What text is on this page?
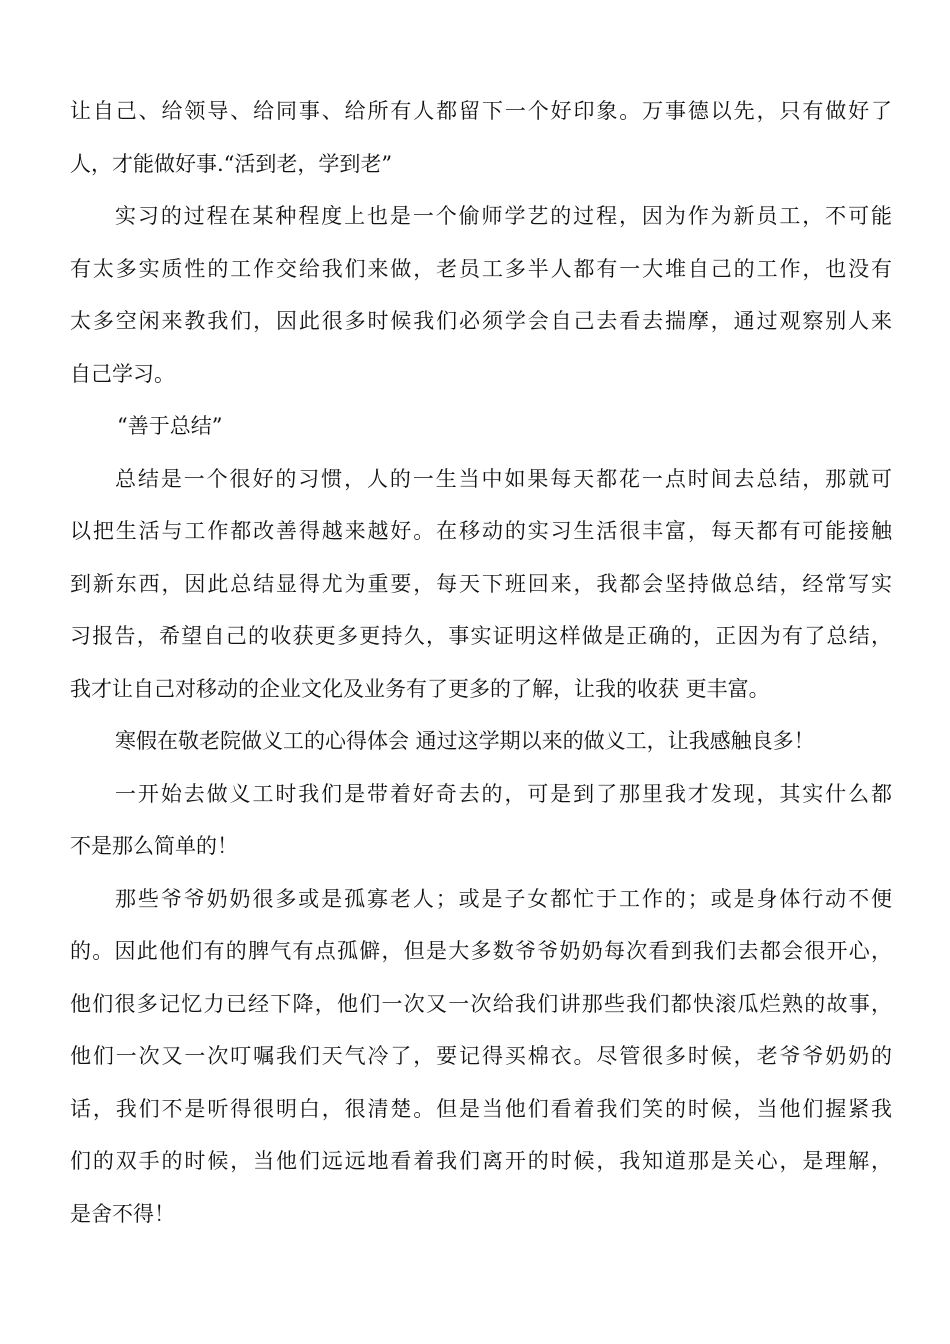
让自己、给领导、给同事、给所有人都留下一个好印象。万事德以先，只有做好了
人，才能做好事.“活到老，学到老”
实习的过程在某种程度上也是一个偷师学艺的过程，因为作为新员工，不可能
有太多实质性的工作交给我们来做，老员工多半人都有一大堆自己的工作，也没有
太多空闲来教我们，因此很多时候我们必须学会自己去看去揣摩，通过观察别人来
自己学习。
“善于总结”
总结是一个很好的习惯，人的一生当中如果每天都花一点时间去总结，那就可
以把生活与工作都改善得越来越好。在移动的实习生活很丰富，每天都有可能接触
到新东西，因此总结显得尤为重要，每天下班回来，我都会坚持做总结，经常写实
习报告，希望自己的收获更多更持久，事实证明这样做是正确的，正因为有了总结，
我才让自己对移动的企业文化及业务有了更多的了解，让我的收获 更丰富。
寒假在敬老院做义工的心得体会 通过这学期以来的做义工，让我感触良多！
一开始去做义工时我们是带着好奇去的，可是到了那里我才发现，其实什么都
不是那么简单的！
那些爷爷奶奶很多或是孤寡老人；或是子女都忙于工作的；或是身体行动不便
的。因此他们有的脾气有点孤僻，但是大多数爷爷奶奶每次看到我们去都会很开心，
他们很多记忆力已经下降，他们一次又一次给我们讲那些我们都快滚瓜烂熟的故事，
他们一次又一次叮嘱我们天气冷了，要记得买棉衣。尽管很多时候，老爷爷奶奶的
话，我们不是听得很明白，很清楚。但是当他们看着我们笑的时候，当他们握紧我
们的双手的时候，当他们远远地看着我们离开的时候，我知道那是关心，是理解，
是舍不得！
